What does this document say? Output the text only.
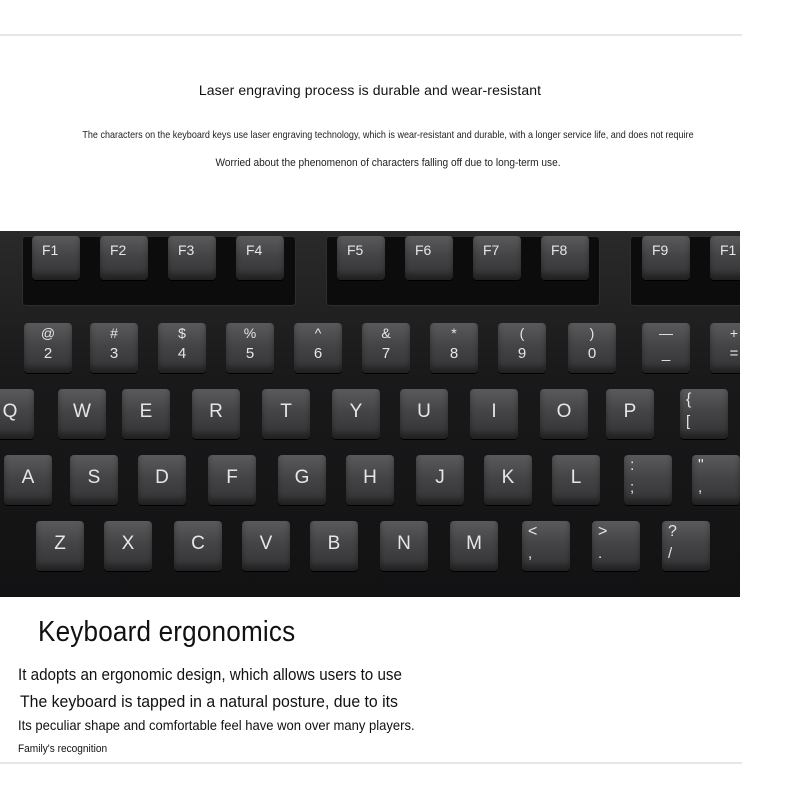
Laser engraving process is durable and wear-resistant
The characters on the keyboard keys use laser engraving technology, which is wear-resistant and durable, with a longer service life, and does not require
Worried about the phenomenon of characters falling off due to long-term use.
F1	F2	F3	F4	F5	F6	F7	F8	F9	F1
@
2
#
3
$
4
%
5
^
6
&
7
*
8
(
9
)
0
—
_
+
=
Q	W	E	R	T	Y	U	I	O	P
{
[
A	S	D	F	G	H	J	K	L
:
;
"
,
Z	X	C	V	B	N	M
<
,
>
.
?
/
Keyboard ergonomics
It adopts an ergonomic design, which allows users to use
The keyboard is tapped in a natural posture, due to its
Its peculiar shape and comfortable feel have won over many players.
Family's recognition
